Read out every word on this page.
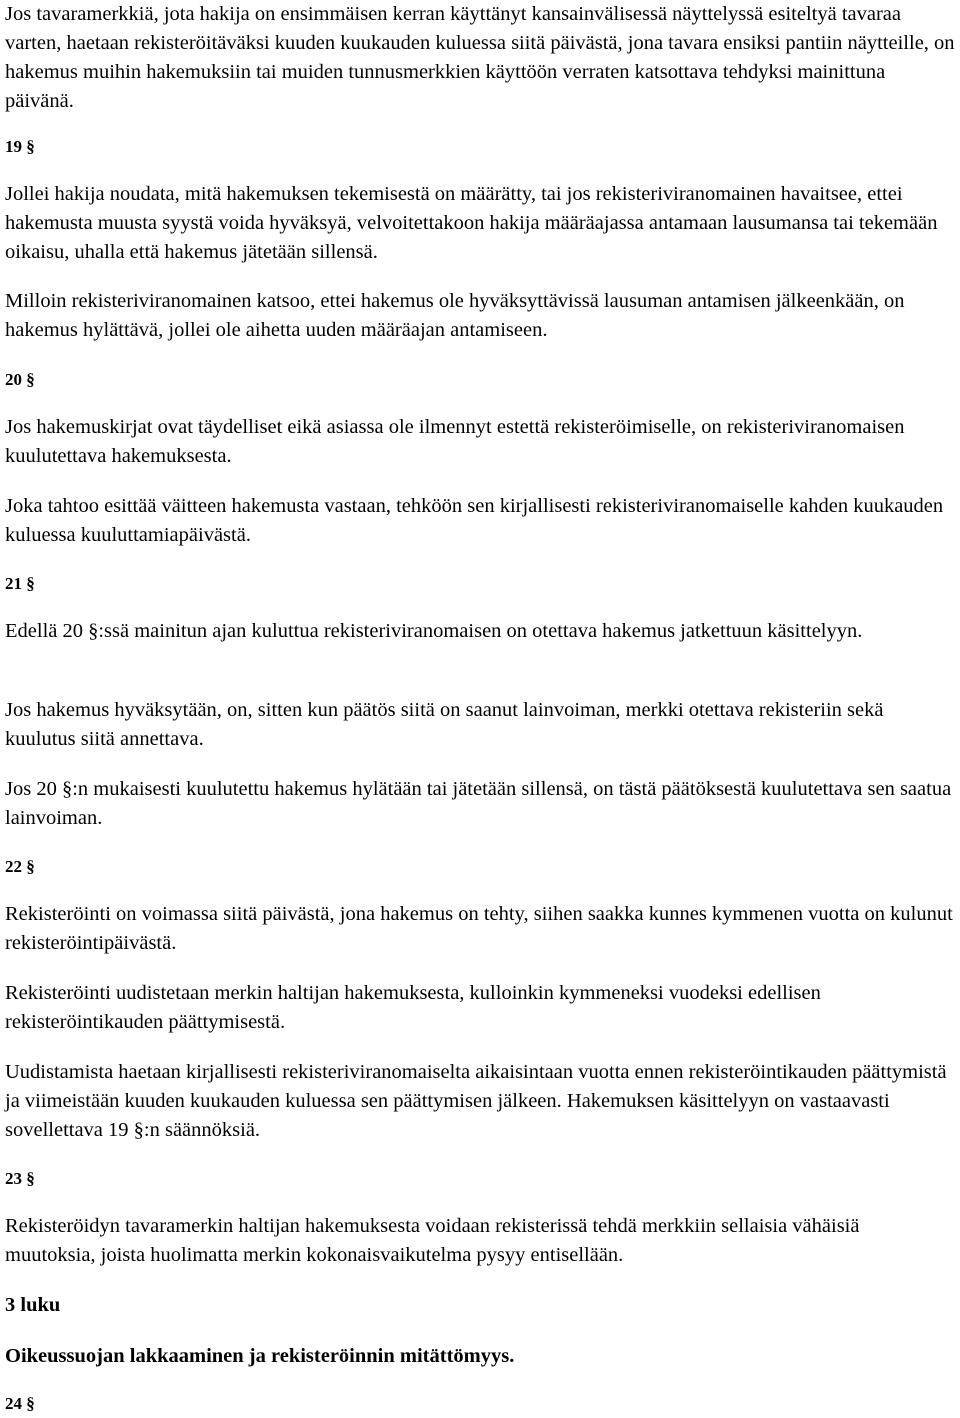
Jos tavaramerkkiä, jota hakija on ensimmäisen kerran käyttänyt kansainvälisessä näyttelyssä esiteltyä tavaraa varten, haetaan rekisteröitäväksi kuuden kuukauden kuluessa siitä päivästä, jona tavara ensiksi pantiin näytteille, on hakemus muihin hakemuksiin tai muiden tunnusmerkkien käyttöön verraten katsottava tehdyksi mainittuna päivänä.

19 §

Jollei hakija noudata, mitä hakemuksen tekemisestä on määrätty, tai jos rekisteriviranomainen havaitsee, ettei hakemusta muusta syystä voida hyväksyä, velvoitettakoon hakija määräajassa antamaan lausumansa tai tekemään oikaisu, uhalla että hakemus jätetään sillensä.

Milloin rekisteriviranomainen katsoo, ettei hakemus ole hyväksyttävissä lausuman antamisen jälkeenkään, on hakemus hylättävä, jollei ole aihetta uuden määräajan antamiseen.

20 §

Jos hakemuskirjat ovat täydelliset eikä asiassa ole ilmennyt estettä rekisteröimiselle, on rekisteriviranomaisen kuulutettava hakemuksesta.

Joka tahtoo esittää väitteen hakemusta vastaan, tehköön sen kirjallisesti rekisteriviranomaiselle kahden kuukauden kuluessa kuuluttamiapäivästä.

21 §

Edellä 20 §:ssä mainitun ajan kuluttua rekisteriviranomaisen on otettava hakemus jatkettuun käsittelyyn.

Jos hakemus hyväksytään, on, sitten kun päätös siitä on saanut lainvoiman, merkki otettava rekisteriin sekä kuulutus siitä annettava.

Jos 20 §:n mukaisesti kuulutettu hakemus hylätään tai jätetään sillensä, on tästä päätöksestä kuulutettava sen saatua lainvoiman.

22 §

Rekisteröinti on voimassa siitä päivästä, jona hakemus on tehty, siihen saakka kunnes kymmenen vuotta on kulunut rekisteröintipäivästä.

Rekisteröinti uudistetaan merkin haltijan hakemuksesta, kulloinkin kymmeneksi vuodeksi edellisen rekisteröintikauden päättymisestä.

Uudistamista haetaan kirjallisesti rekisteriviranomaiselta aikaisintaan vuotta ennen rekisteröintikauden päättymistä ja viimeistään kuuden kuukauden kuluessa sen päättymisen jälkeen. Hakemuksen käsittelyyn on vastaavasti sovellettava 19 §:n säännöksiä.

23 §

Rekisteröidyn tavaramerkin haltijan hakemuksesta voidaan rekisterissä tehdä merkkiin sellaisia vähäisiä muutoksia, joista huolimatta merkin kokonaisvaikutelma pysyy entisellään.

3 luku

Oikeussuojan lakkaaminen ja rekisteröinnin mitättömyys.

24 §
